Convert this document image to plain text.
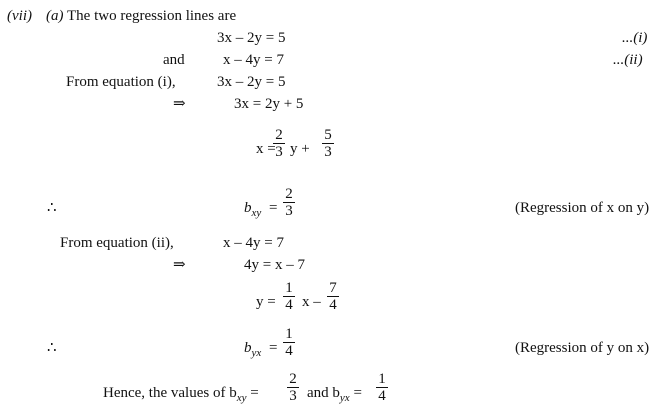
(vii) (a) The two regression lines are
3x – 2y = 5	...(i)
and	x – 4y = 7	...(ii)
From equation (i),	3x – 2y = 5
⇒	3x = 2y + 5
x =
2
3 y +
5
3
∴	$b_{xy}$ =
2
3	(Regression of x on y)
From equation (ii),	x – 4y = 7
⇒	4y = x – 7
y =
1
4 x –
7
4
∴	$b_{yx}$ =
1
4	(Regression of y on x)
Hence, the values of $b_{xy}$ =
2
3 and $b_{yx}$ =
1
4
